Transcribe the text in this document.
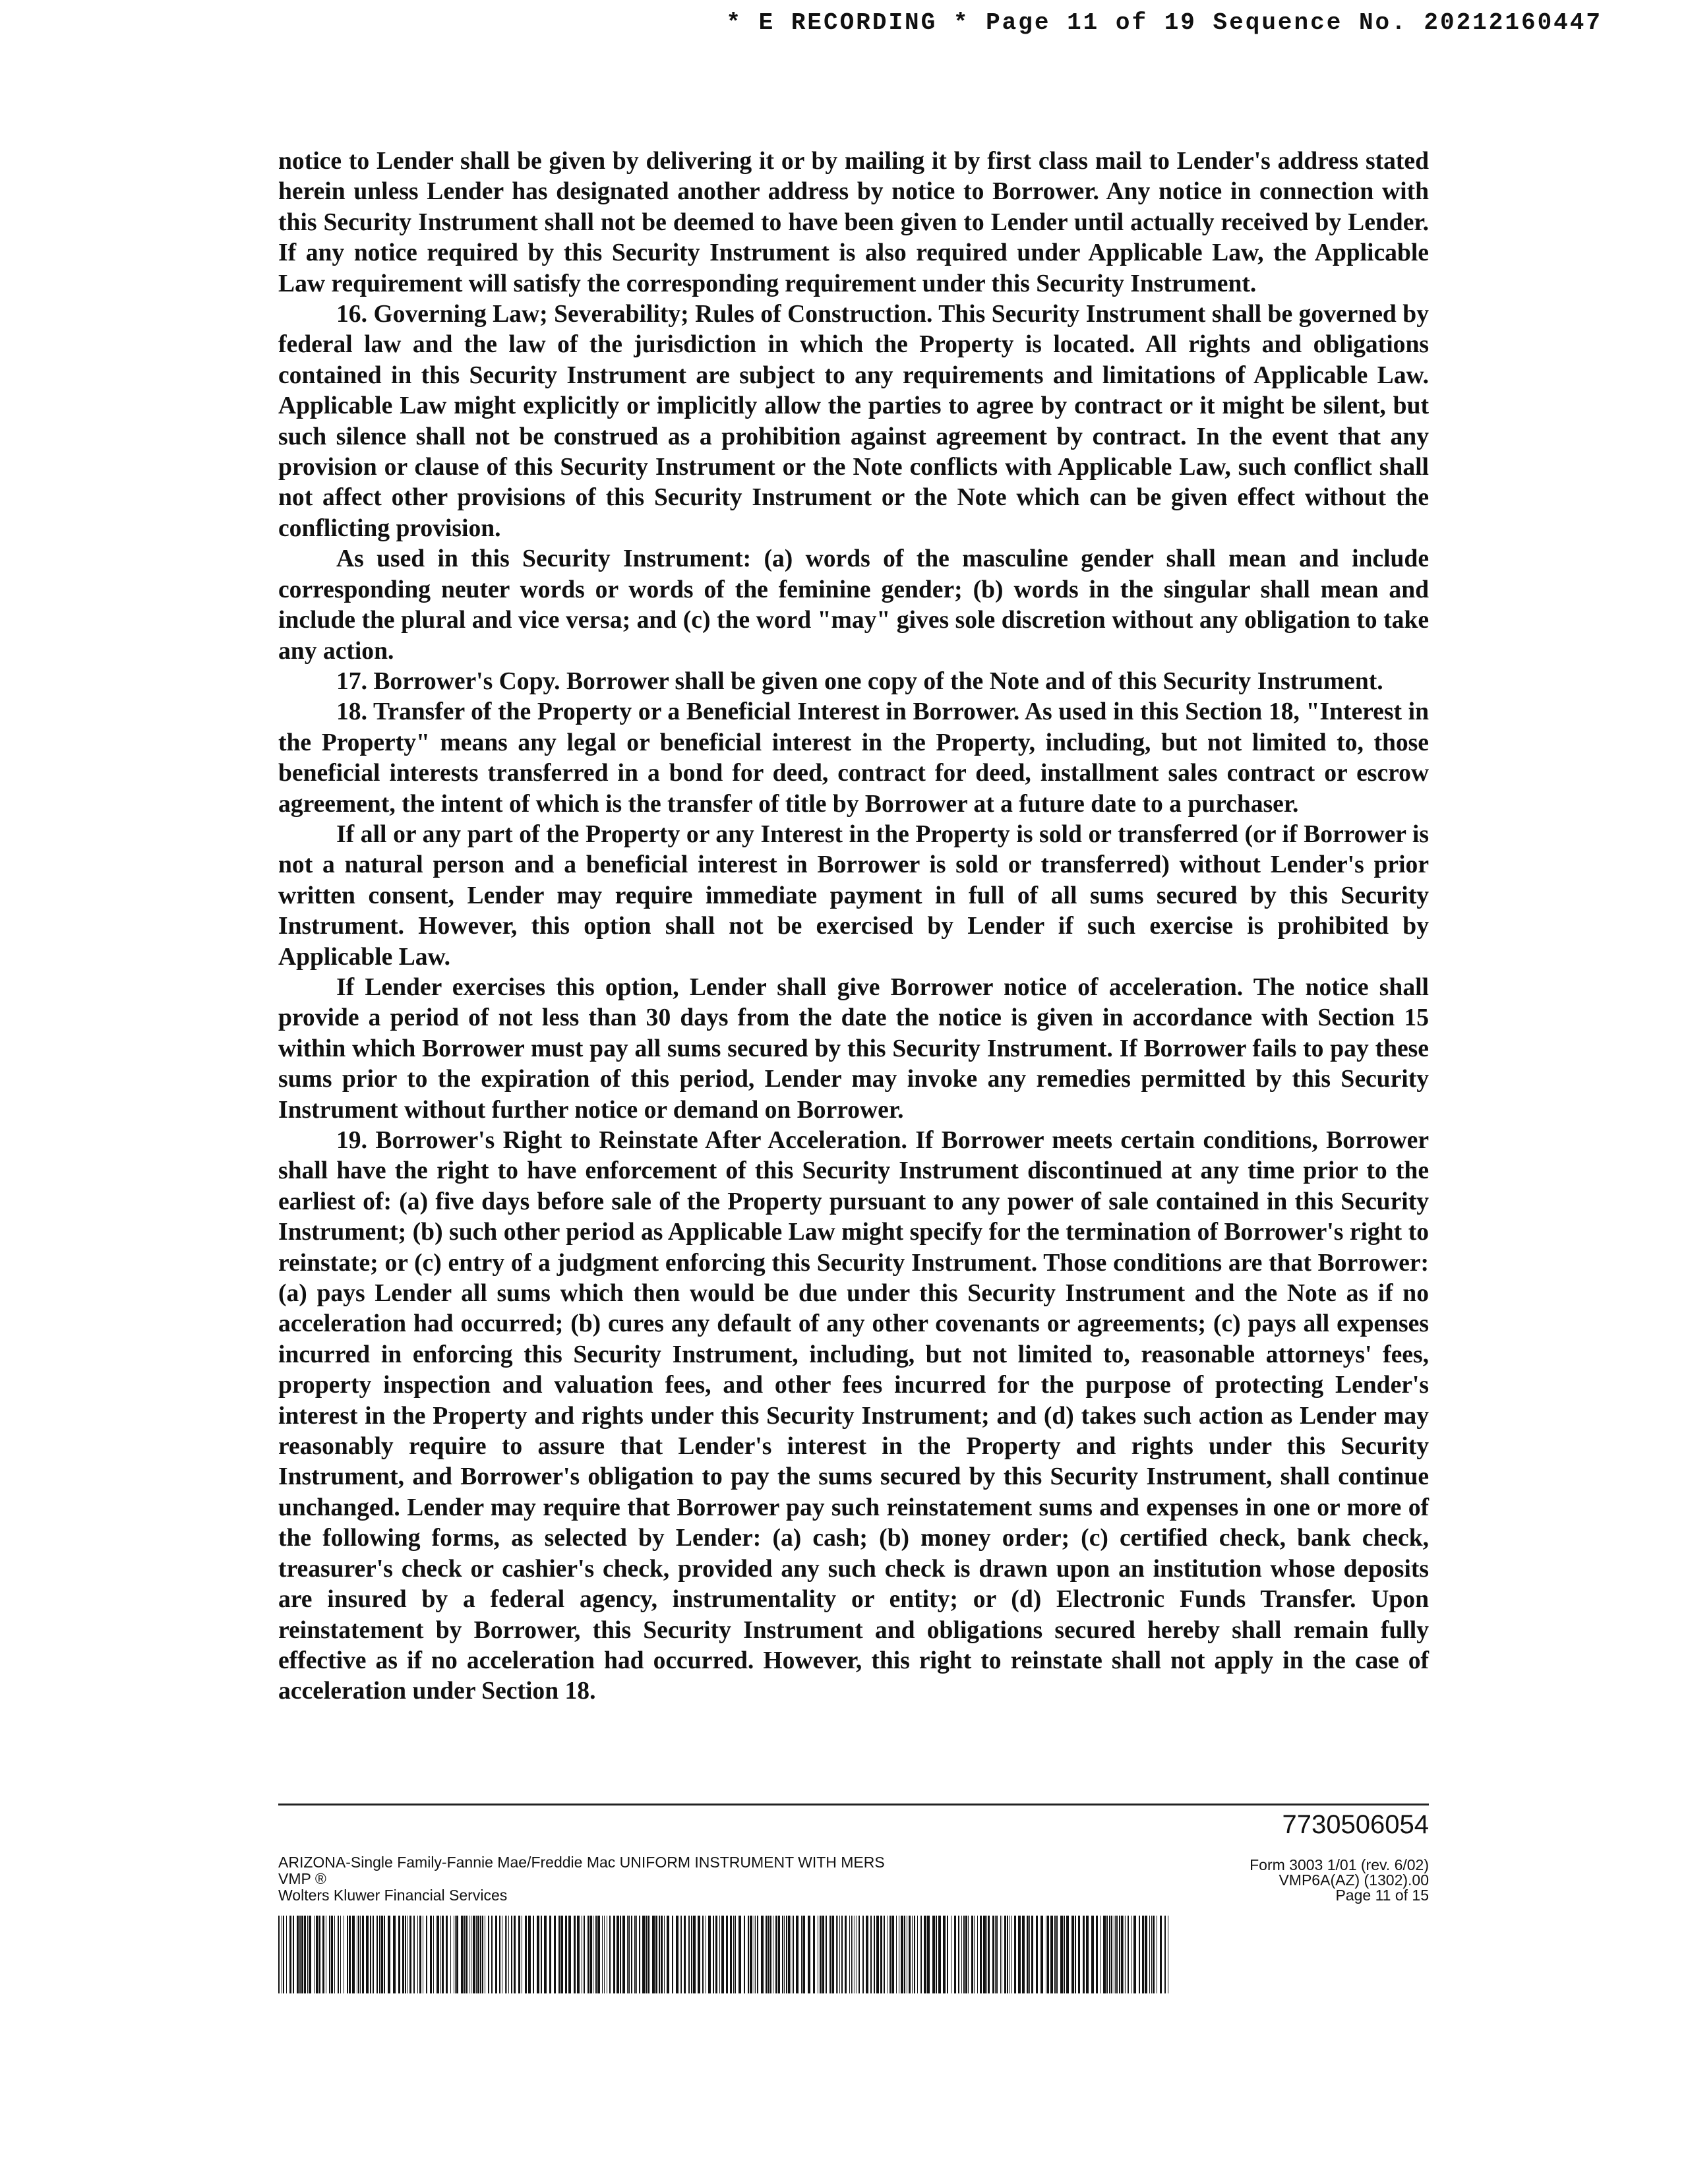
* E RECORDING * Page 11 of 19 Sequence No. 20212160447

notice to Lender shall be given by delivering it or by mailing it by first class mail to Lender's address stated herein unless Lender has designated another address by notice to Borrower. Any notice in connection with this Security Instrument shall not be deemed to have been given to Lender until actually received by Lender. If any notice required by this Security Instrument is also required under Applicable Law, the Applicable Law requirement will satisfy the corresponding requirement under this Security Instrument.

16. Governing Law; Severability; Rules of Construction. This Security Instrument shall be governed by federal law and the law of the jurisdiction in which the Property is located. All rights and obligations contained in this Security Instrument are subject to any requirements and limitations of Applicable Law. Applicable Law might explicitly or implicitly allow the parties to agree by contract or it might be silent, but such silence shall not be construed as a prohibition against agreement by contract. In the event that any provision or clause of this Security Instrument or the Note conflicts with Applicable Law, such conflict shall not affect other provisions of this Security Instrument or the Note which can be given effect without the conflicting provision.

As used in this Security Instrument: (a) words of the masculine gender shall mean and include corresponding neuter words or words of the feminine gender; (b) words in the singular shall mean and include the plural and vice versa; and (c) the word "may" gives sole discretion without any obligation to take any action.

17. Borrower's Copy. Borrower shall be given one copy of the Note and of this Security Instrument.

18. Transfer of the Property or a Beneficial Interest in Borrower. As used in this Section 18, "Interest in the Property" means any legal or beneficial interest in the Property, including, but not limited to, those beneficial interests transferred in a bond for deed, contract for deed, installment sales contract or escrow agreement, the intent of which is the transfer of title by Borrower at a future date to a purchaser.

If all or any part of the Property or any Interest in the Property is sold or transferred (or if Borrower is not a natural person and a beneficial interest in Borrower is sold or transferred) without Lender's prior written consent, Lender may require immediate payment in full of all sums secured by this Security Instrument. However, this option shall not be exercised by Lender if such exercise is prohibited by Applicable Law.

If Lender exercises this option, Lender shall give Borrower notice of acceleration. The notice shall provide a period of not less than 30 days from the date the notice is given in accordance with Section 15 within which Borrower must pay all sums secured by this Security Instrument. If Borrower fails to pay these sums prior to the expiration of this period, Lender may invoke any remedies permitted by this Security Instrument without further notice or demand on Borrower.

19. Borrower's Right to Reinstate After Acceleration. If Borrower meets certain conditions, Borrower shall have the right to have enforcement of this Security Instrument discontinued at any time prior to the earliest of: (a) five days before sale of the Property pursuant to any power of sale contained in this Security Instrument; (b) such other period as Applicable Law might specify for the termination of Borrower's right to reinstate; or (c) entry of a judgment enforcing this Security Instrument. Those conditions are that Borrower: (a) pays Lender all sums which then would be due under this Security Instrument and the Note as if no acceleration had occurred; (b) cures any default of any other covenants or agreements; (c) pays all expenses incurred in enforcing this Security Instrument, including, but not limited to, reasonable attorneys' fees, property inspection and valuation fees, and other fees incurred for the purpose of protecting Lender's interest in the Property and rights under this Security Instrument; and (d) takes such action as Lender may reasonably require to assure that Lender's interest in the Property and rights under this Security Instrument, and Borrower's obligation to pay the sums secured by this Security Instrument, shall continue unchanged. Lender may require that Borrower pay such reinstatement sums and expenses in one or more of the following forms, as selected by Lender: (a) cash; (b) money order; (c) certified check, bank check, treasurer's check or cashier's check, provided any such check is drawn upon an institution whose deposits are insured by a federal agency, instrumentality or entity; or (d) Electronic Funds Transfer. Upon reinstatement by Borrower, this Security Instrument and obligations secured hereby shall remain fully effective as if no acceleration had occurred. However, this right to reinstate shall not apply in the case of acceleration under Section 18.

7730506054
ARIZONA-Single Family-Fannie Mae/Freddie Mac UNIFORM INSTRUMENT WITH MERS
VMP ®
Wolters Kluwer Financial Services
Form 3003 1/01 (rev. 6/02)
VMP6A(AZ) (1302).00
Page 11 of 15
